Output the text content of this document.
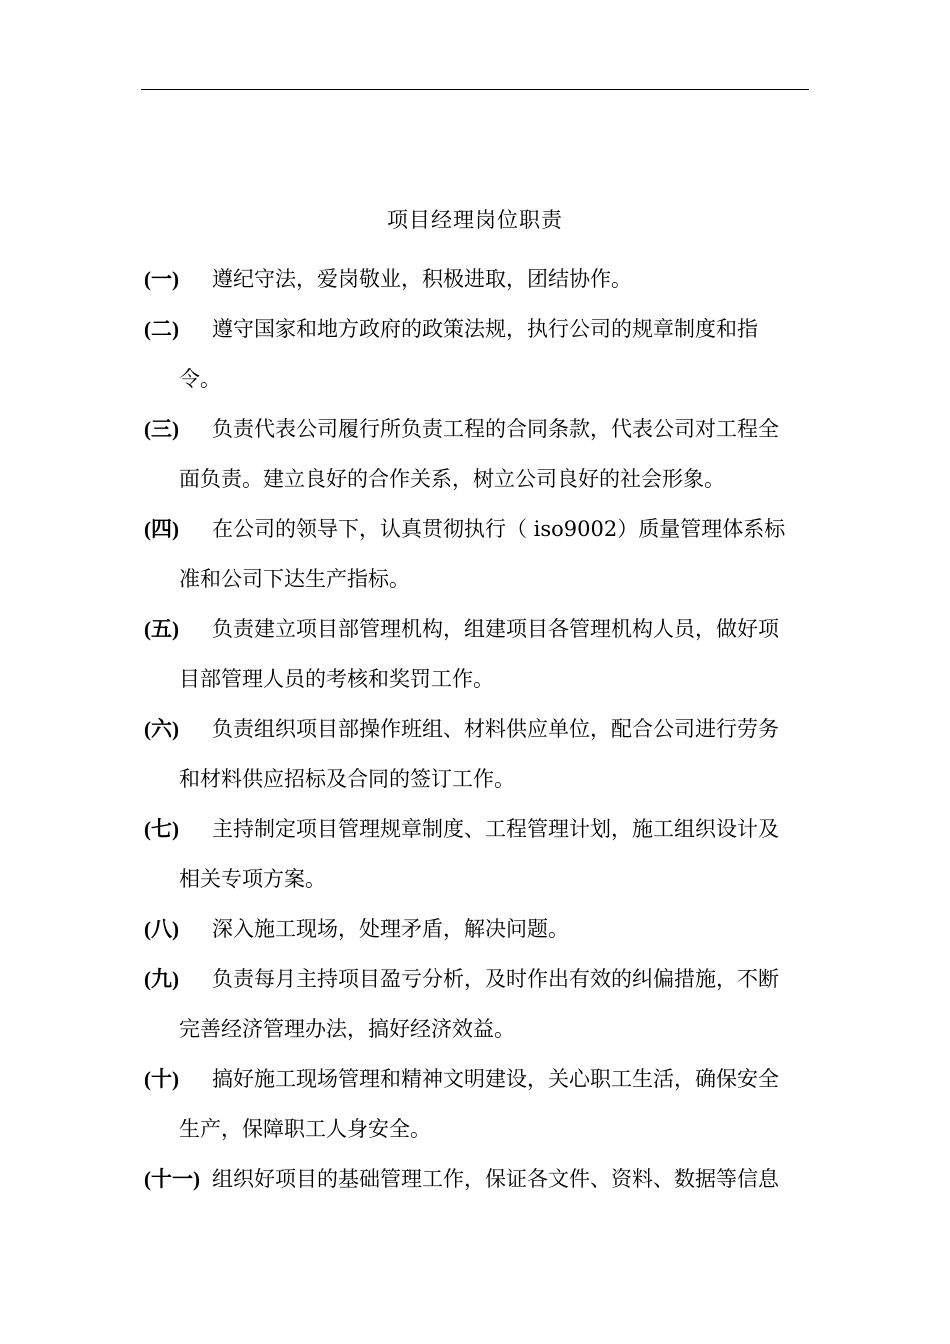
项目经理岗位职责
(一) 遵纪守法，爱岗敬业，积极进取，团结协作。
(二) 遵守国家和地方政府的政策法规，执行公司的规章制度和指
令。
(三) 负责代表公司履行所负责工程的合同条款，代表公司对工程全
面负责。建立良好的合作关系，树立公司良好的社会形象。
(四) 在公司的领导下，认真贯彻执行（ iso9002）质量管理体系标
准和公司下达生产指标。
(五) 负责建立项目部管理机构，组建项目各管理机构人员，做好项
目部管理人员的考核和奖罚工作。
(六) 负责组织项目部操作班组、材料供应单位，配合公司进行劳务
和材料供应招标及合同的签订工作。
(七) 主持制定项目管理规章制度、工程管理计划，施工组织设计及
相关专项方案。
(八) 深入施工现场，处理矛盾，解决问题。
(九) 负责每月主持项目盈亏分析，及时作出有效的纠偏措施，不断
完善经济管理办法，搞好经济效益。
(十) 搞好施工现场管理和精神文明建设，关心职工生活，确保安全
生产，保障职工人身安全。
(十一) 组织好项目的基础管理工作，保证各文件、资料、数据等信息
